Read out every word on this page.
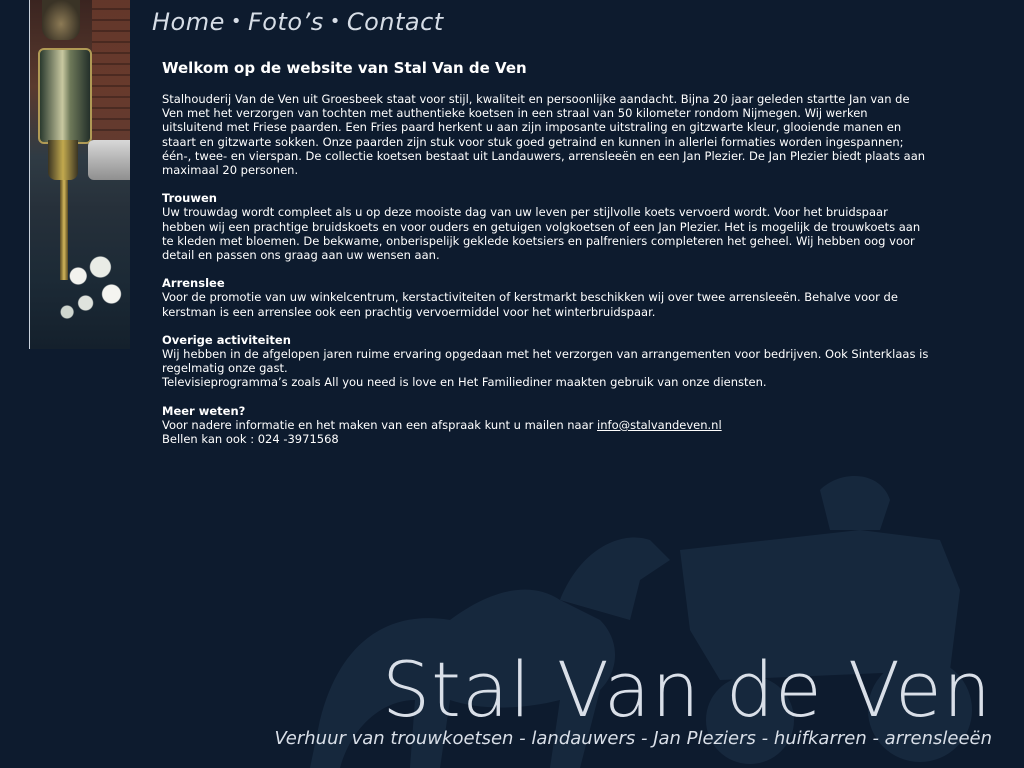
Home • Foto’s • Contact
Welkom op de website van Stal Van de Ven

Stalhouderij Van de Ven uit Groesbeek staat voor stijl, kwaliteit en persoonlijke aandacht. Bijna 20 jaar geleden startte Jan van de Ven met het verzorgen van tochten met authentieke koetsen in een straal van 50 kilometer rondom Nijmegen. Wij werken uitsluitend met Friese paarden. Een Fries paard herkent u aan zijn imposante uitstraling en gitzwarte kleur, glooiende manen en staart en gitzwarte sokken. Onze paarden zijn stuk voor stuk goed getraind en kunnen in allerlei formaties worden ingespannen; één-, twee- en vierspan. De collectie koetsen bestaat uit Landauwers, arrensleeën en een Jan Plezier. De Jan Plezier biedt plaats aan maximaal 20 personen.

Trouwen
Uw trouwdag wordt compleet als u op deze mooiste dag van uw leven per stijlvolle koets vervoerd wordt. Voor het bruidspaar hebben wij een prachtige bruidskoets en voor ouders en getuigen volgkoetsen of een Jan Plezier. Het is mogelijk de trouwkoets aan te kleden met bloemen. De bekwame, onberispelijk geklede koetsiers en palfreniers completeren het geheel. Wij hebben oog voor detail en passen ons graag aan uw wensen aan.

Arrenslee
Voor de promotie van uw winkelcentrum, kerstactiviteiten of kerstmarkt beschikken wij over twee arrensleeën. Behalve voor de kerstman is een arrenslee ook een prachtig vervoermiddel voor het winterbruidspaar.

Overige activiteiten
Wij hebben in de afgelopen jaren ruime ervaring opgedaan met het verzorgen van arrangementen voor bedrijven. Ook Sinterklaas is regelmatig onze gast.
Televisieprogramma’s zoals All you need is love en Het Familiediner maakten gebruik van onze diensten.

Meer weten?
Voor nadere informatie en het maken van een afspraak kunt u mailen naar info@stalvandeven.nl
Bellen kan ook : 024 -3971568

Stal Van de Ven
Verhuur van trouwkoetsen - landauwers - Jan Pleziers - huifkarren - arrensleeën
